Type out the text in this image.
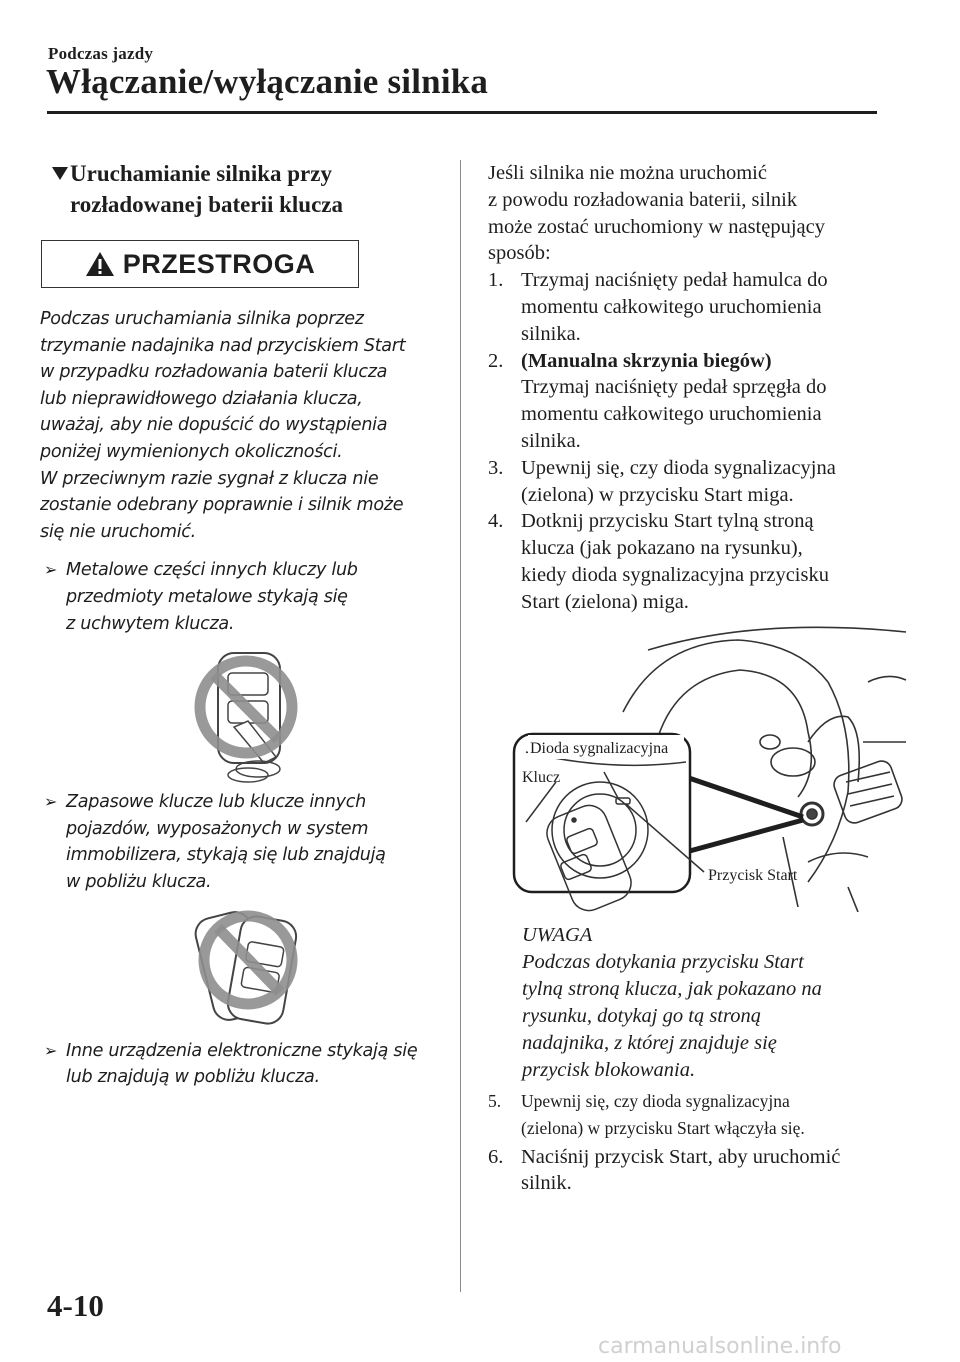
Podczas jazdy
Włączanie/wyłączanie silnika
Uruchamianie silnika przy
rozładowanej baterii klucza
PRZESTROGA
Podczas uruchamiania silnika poprzez
trzymanie nadajnika nad przyciskiem Start
w przypadku rozładowania baterii klucza
lub nieprawidłowego działania klucza,
uważaj, aby nie dopuścić do wystąpienia
poniżej wymienionych okoliczności.
W przeciwnym razie sygnał z klucza nie
zostanie odebrany poprawnie i silnik może
się nie uruchomić.
➢ Metalowe części innych kluczy lub
przedmioty metalowe stykają się
z uchwytem klucza.
➢ Zapasowe klucze lub klucze innych
pojazdów, wyposażonych w system
immobilizera, stykają się lub znajdują
w pobliżu klucza.
➢ Inne urządzenia elektroniczne stykają się
lub znajdują w pobliżu klucza.
Jeśli silnika nie można uruchomić
z powodu rozładowania baterii, silnik
może zostać uruchomiony w następujący
sposób:
1. Trzymaj naciśnięty pedał hamulca do
momentu całkowitego uruchomienia
silnika.
2. (Manualna skrzynia biegów)
Trzymaj naciśnięty pedał sprzęgła do
momentu całkowitego uruchomienia
silnika.
3. Upewnij się, czy dioda sygnalizacyjna
(zielona) w przycisku Start miga.
4. Dotknij przycisku Start tylną stroną
klucza (jak pokazano na rysunku),
kiedy dioda sygnalizacyjna przycisku
Start (zielona) miga.
Dioda sygnalizacyjna
Klucz
Przycisk Start
UWAGA
Podczas dotykania przycisku Start
tylną stroną klucza, jak pokazano na
rysunku, dotykaj go tą stroną
nadajnika, z której znajduje się
przycisk blokowania.
5. Upewnij się, czy dioda sygnalizacyjna
(zielona) w przycisku Start włączyła się.
6. Naciśnij przycisk Start, aby uruchomić
silnik.
4-10
carmanualsonline.info
